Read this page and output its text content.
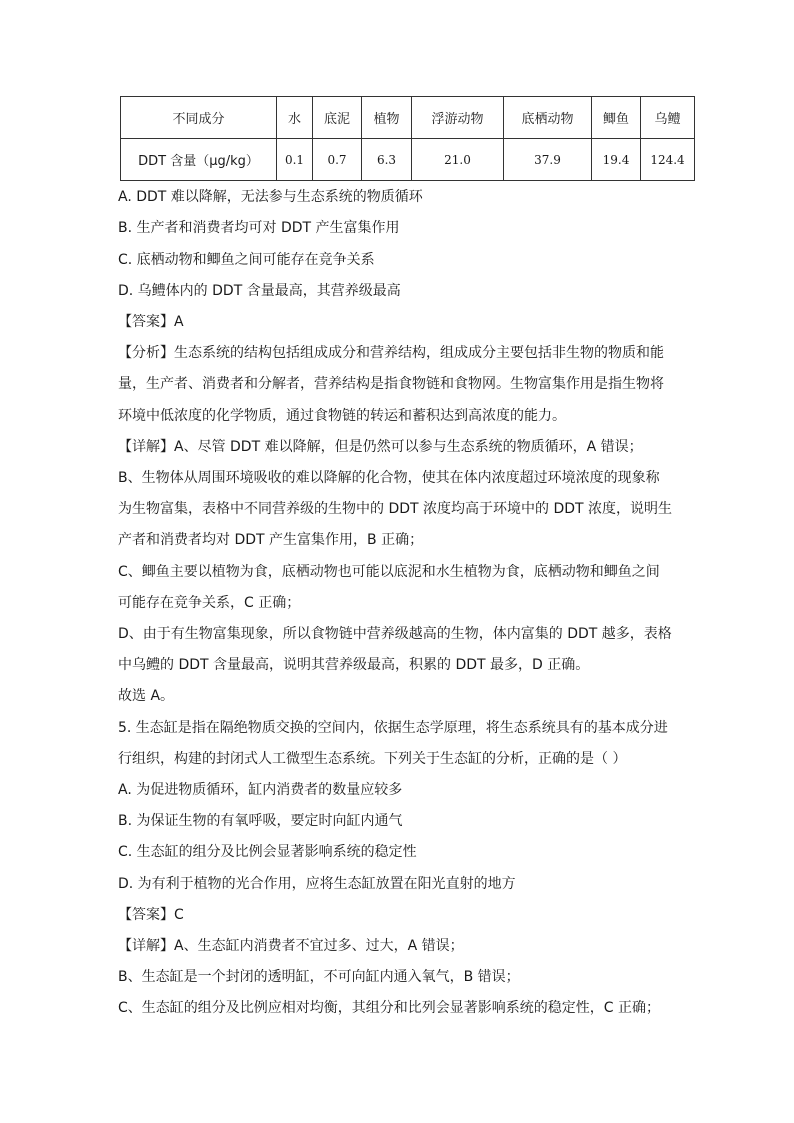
不同成分	水	底泥	植物	浮游动物	底栖动物	鲫鱼	乌鳢
DDT 含量（μg/kg）	0.1	0.7	6.3	21.0	37.9	19.4	124.4
A. DDT 难以降解，无法参与生态系统的物质循环
B. 生产者和消费者均可对 DDT 产生富集作用
C. 底栖动物和鲫鱼之间可能存在竞争关系
D. 乌鳢体内的 DDT 含量最高，其营养级最高
【答案】A
【分析】生态系统的结构包括组成成分和营养结构，组成成分主要包括非生物的物质和能
量，生产者、消费者和分解者，营养结构是指食物链和食物网。生物富集作用是指生物将
环境中低浓度的化学物质，通过食物链的转运和蓄积达到高浓度的能力。
【详解】A、尽管 DDT 难以降解，但是仍然可以参与生态系统的物质循环，A 错误；
B、生物体从周围环境吸收的难以降解的化合物，使其在体内浓度超过环境浓度的现象称
为生物富集，表格中不同营养级的生物中的 DDT 浓度均高于环境中的 DDT 浓度，说明生
产者和消费者均对 DDT 产生富集作用，B 正确；
C、鲫鱼主要以植物为食，底栖动物也可能以底泥和水生植物为食，底栖动物和鲫鱼之间
可能存在竞争关系，C 正确；
D、由于有生物富集现象，所以食物链中营养级越高的生物，体内富集的 DDT 越多，表格
中乌鳢的 DDT 含量最高，说明其营养级最高，积累的 DDT 最多，D 正确。
故选 A。
5. 生态缸是指在隔绝物质交换的空间内，依据生态学原理，将生态系统具有的基本成分进
行组织，构建的封闭式人工微型生态系统。下列关于生态缸的分析，正确的是（ ）
A. 为促进物质循环，缸内消费者的数量应较多
B. 为保证生物的有氧呼吸，要定时向缸内通气
C. 生态缸的组分及比例会显著影响系统的稳定性
D. 为有利于植物的光合作用，应将生态缸放置在阳光直射的地方
【答案】C
【详解】A、生态缸内消费者不宜过多、过大，A 错误；
B、生态缸是一个封闭的透明缸，不可向缸内通入氧气，B 错误；
C、生态缸的组分及比例应相对均衡，其组分和比列会显著影响系统的稳定性，C 正确；
